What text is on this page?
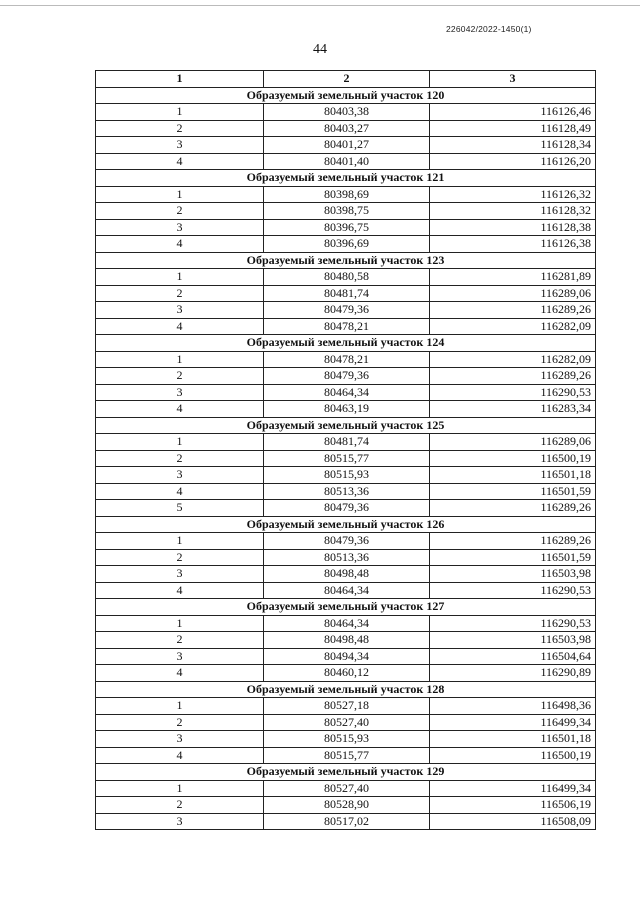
226042/2022-1450(1)
44
1	2	3
Образуемый земельный участок 120		
1	80403,38	116126,46
2	80403,27	116128,49
3	80401,27	116128,34
4	80401,40	116126,20
Образуемый земельный участок 121		
1	80398,69	116126,32
2	80398,75	116128,32
3	80396,75	116128,38
4	80396,69	116126,38
Образуемый земельный участок 123		
1	80480,58	116281,89
2	80481,74	116289,06
3	80479,36	116289,26
4	80478,21	116282,09
Образуемый земельный участок 124		
1	80478,21	116282,09
2	80479,36	116289,26
3	80464,34	116290,53
4	80463,19	116283,34
Образуемый земельный участок 125		
1	80481,74	116289,06
2	80515,77	116500,19
3	80515,93	116501,18
4	80513,36	116501,59
5	80479,36	116289,26
Образуемый земельный участок 126		
1	80479,36	116289,26
2	80513,36	116501,59
3	80498,48	116503,98
4	80464,34	116290,53
Образуемый земельный участок 127		
1	80464,34	116290,53
2	80498,48	116503,98
3	80494,34	116504,64
4	80460,12	116290,89
Образуемый земельный участок 128		
1	80527,18	116498,36
2	80527,40	116499,34
3	80515,93	116501,18
4	80515,77	116500,19
Образуемый земельный участок 129		
1	80527,40	116499,34
2	80528,90	116506,19
3	80517,02	116508,09
